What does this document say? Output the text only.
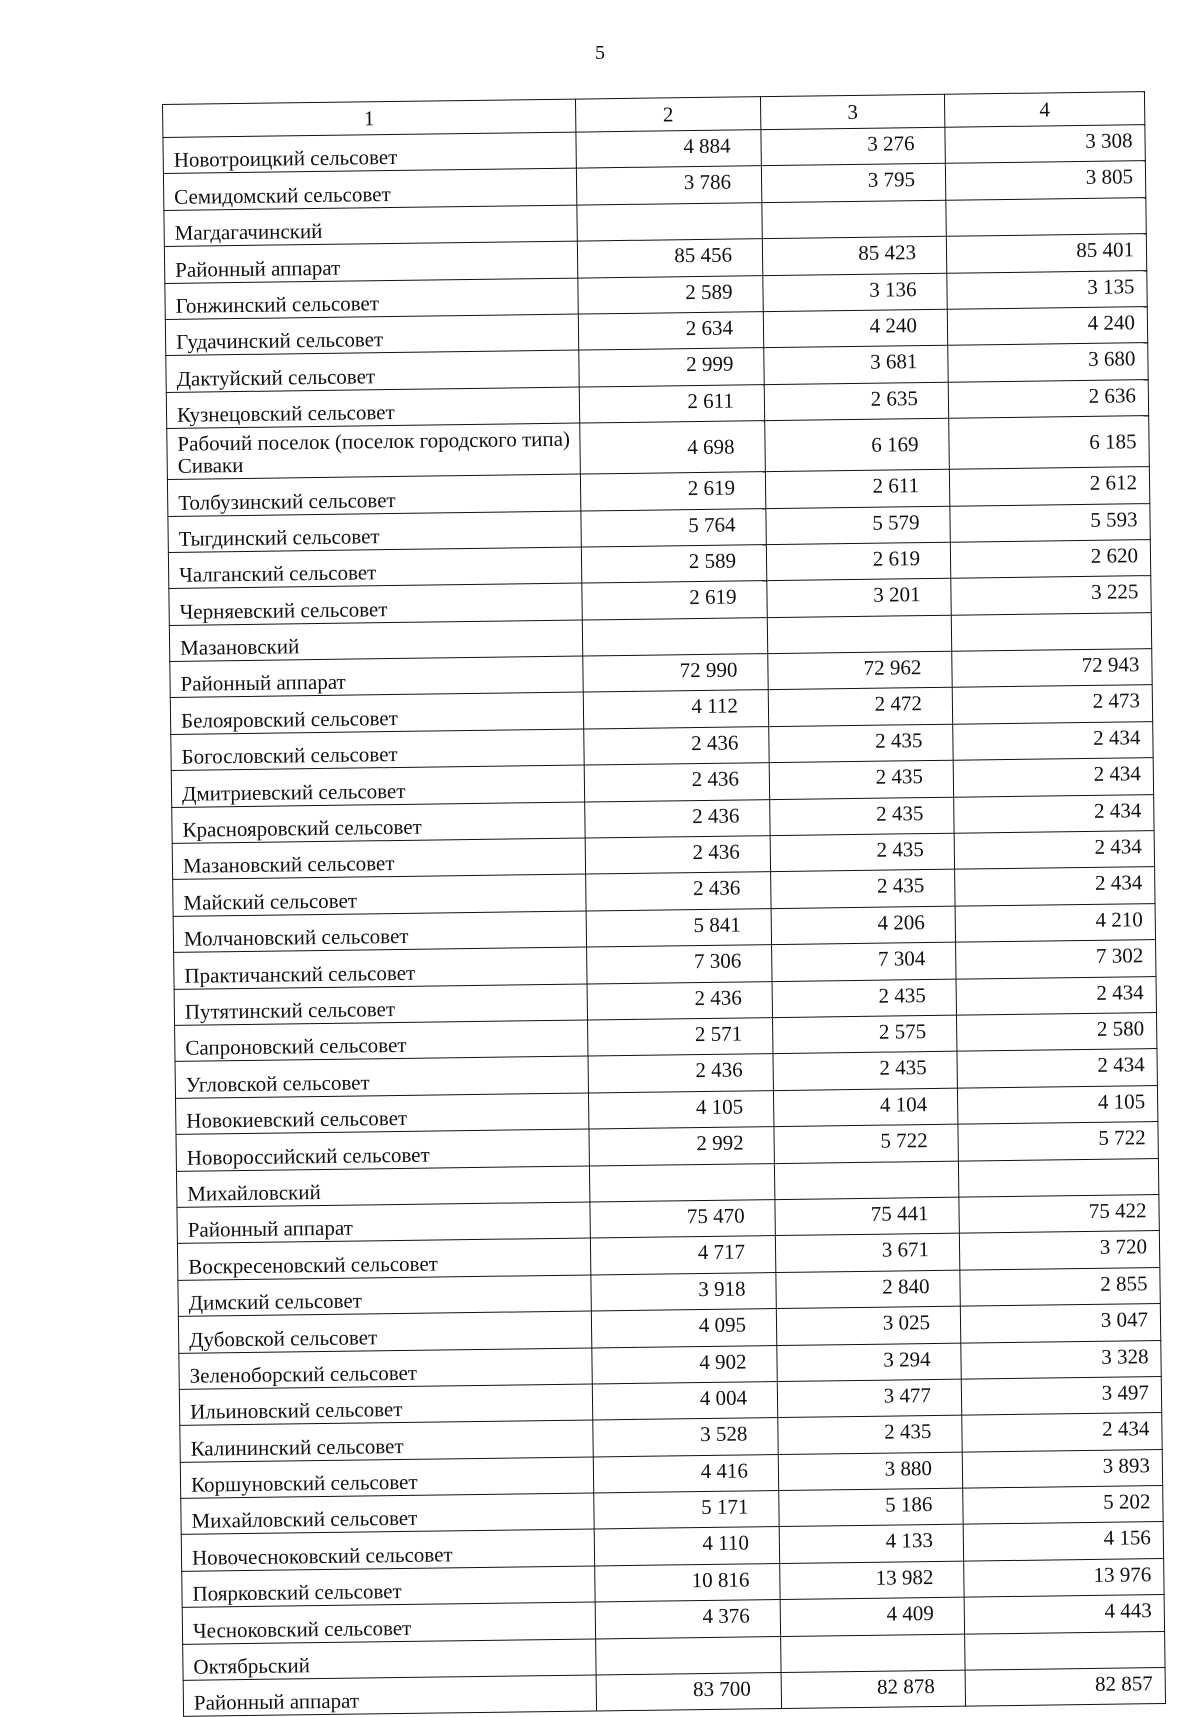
5
1	2	3	4
Новотроицкий сельсовет	4 884	3 276	3 308
Семидомский сельсовет	3 786	3 795	3 805
Магдагачинский			
Районный аппарат	85 456	85 423	85 401
Гонжинский сельсовет	2 589	3 136	3 135
Гудачинский сельсовет	2 634	4 240	4 240
Дактуйский сельсовет	2 999	3 681	3 680
Кузнецовский сельсовет	2 611	2 635	2 636
Рабочий поселок (поселок городского типа) Сиваки	4 698	6 169	6 185
Толбузинский сельсовет	2 619	2 611	2 612
Тыгдинский сельсовет	5 764	5 579	5 593
Чалганский сельсовет	2 589	2 619	2 620
Черняевский сельсовет	2 619	3 201	3 225
Мазановский			
Районный аппарат	72 990	72 962	72 943
Белояровский сельсовет	4 112	2 472	2 473
Богословский сельсовет	2 436	2 435	2 434
Дмитриевский сельсовет	2 436	2 435	2 434
Краснояровский сельсовет	2 436	2 435	2 434
Мазановский сельсовет	2 436	2 435	2 434
Майский сельсовет	2 436	2 435	2 434
Молчановский сельсовет	5 841	4 206	4 210
Практичанский сельсовет	7 306	7 304	7 302
Путятинский сельсовет	2 436	2 435	2 434
Сапроновский сельсовет	2 571	2 575	2 580
Угловской сельсовет	2 436	2 435	2 434
Новокиевский сельсовет	4 105	4 104	4 105
Новороссийский сельсовет	2 992	5 722	5 722
Михайловский			
Районный аппарат	75 470	75 441	75 422
Воскресеновский сельсовет	4 717	3 671	3 720
Димский сельсовет	3 918	2 840	2 855
Дубовской сельсовет	4 095	3 025	3 047
Зеленоборский сельсовет	4 902	3 294	3 328
Ильиновский сельсовет	4 004	3 477	3 497
Калининский сельсовет	3 528	2 435	2 434
Коршуновский сельсовет	4 416	3 880	3 893
Михайловский сельсовет	5 171	5 186	5 202
Новочесноковский сельсовет	4 110	4 133	4 156
Поярковский сельсовет	10 816	13 982	13 976
Чесноковский сельсовет	4 376	4 409	4 443
Октябрьский			
Районный аппарат	83 700	82 878	82 857
